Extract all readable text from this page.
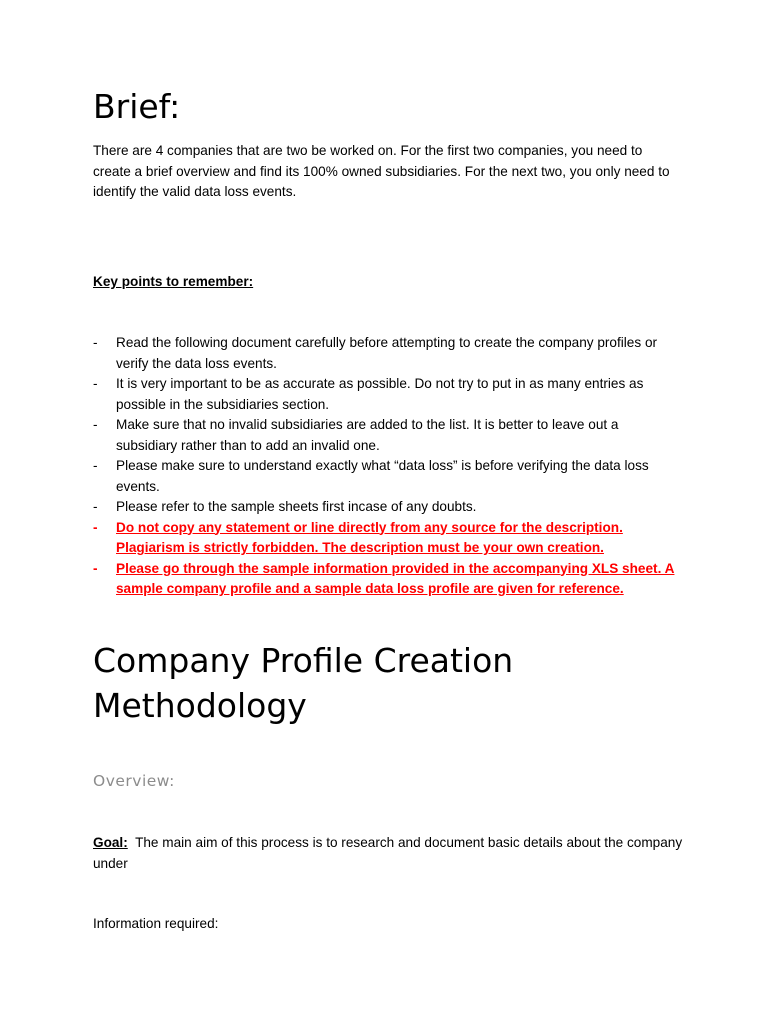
Brief:

There are 4 companies that are two be worked on. For the first two companies, you need to create a brief overview and find its 100% owned subsidiaries. For the next two, you only need to identify the valid data loss events.

Key points to remember:
- Read the following document carefully before attempting to create the company profiles or verify the data loss events.
- It is very important to be as accurate as possible. Do not try to put in as many entries as possible in the subsidiaries section.
- Make sure that no invalid subsidiaries are added to the list. It is better to leave out a subsidiary rather than to add an invalid one.
- Please make sure to understand exactly what “data loss” is before verifying the data loss events.
- Please refer to the sample sheets first incase of any doubts.
- Do not copy any statement or line directly from any source for the description. Plagiarism is strictly forbidden. The description must be your own creation.
- Please go through the sample information provided in the accompanying XLS sheet. A sample company profile and a sample data loss profile are given for reference.
Company Profile Creation Methodology
Overview:

Goal: The main aim of this process is to research and document basic details about the company under

Information required:
